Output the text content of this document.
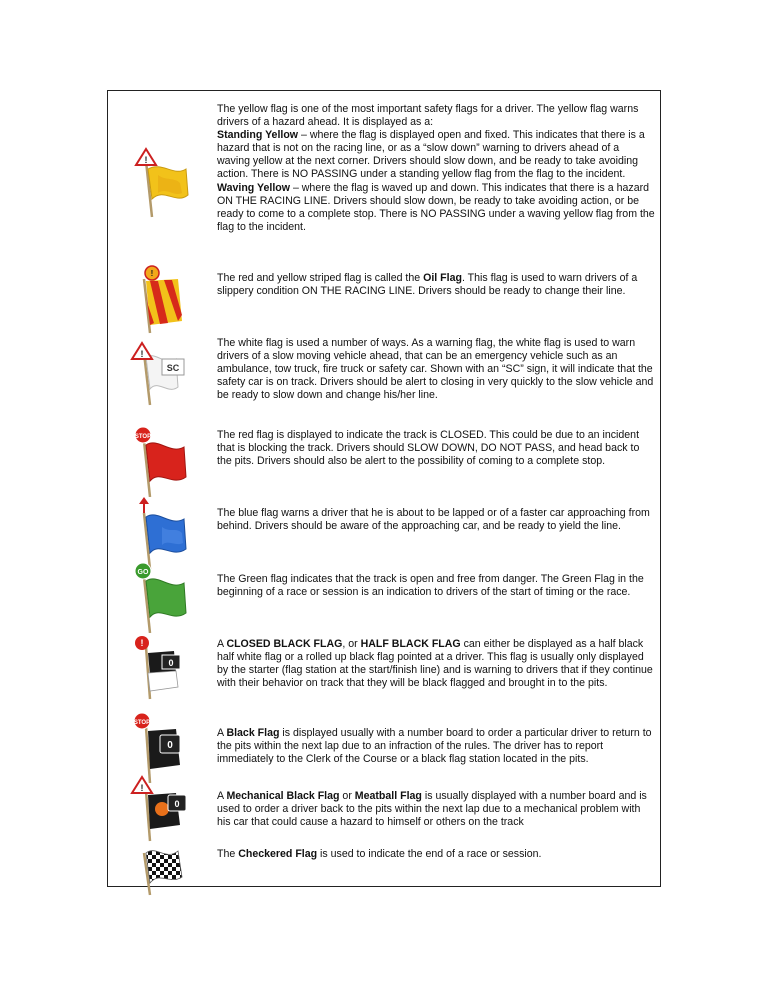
!

The yellow flag is one of the most important safety flags for a driver. The yellow flag warns drivers of a hazard ahead. It is displayed as a:

Standing Yellow – where the flag is displayed open and fixed. This indicates that there is a hazard that is not on the racing line, or as a “slow down” warning to drivers ahead of a waving yellow at the next corner. Drivers should slow down, and be ready to take avoiding action. There is NO PASSING under a standing yellow flag from the flag to the incident.

Waving Yellow – where the flag is waved up and down. This indicates that there is a hazard ON THE RACING LINE. Drivers should slow down, be ready to take avoiding action, or be ready to come to a complete stop. There is NO PASSING under a waving yellow flag from the flag to the incident.

!	The red and yellow striped flag is called the Oil Flag. This flag is used to warn drivers of a slippery condition ON THE RACING LINE. Drivers should be ready to change their line.

!
SC

The white flag is used a number of ways. As a warning flag, the white flag is used to warn drivers of a slow moving vehicle ahead, that can be an emergency vehicle such as an ambulance, tow truck, fire truck or safety car. Shown with an “SC” sign, it will indicate that the safety car is on track. Drivers should be alert to closing in very quickly to the slow vehicle and be ready to slow down and change his/her line.

STOP	The red flag is displayed to indicate the track is CLOSED. This could be due to an incident that is blocking the track. Drivers should SLOW DOWN, DO NOT PASS, and head back to the pits. Drivers should also be alert to the possibility of coming to a complete stop.

The blue flag warns a driver that he is about to be lapped or of a faster car approaching from behind. Drivers should be aware of the approaching car, and be ready to yield the line.

GO

The Green flag indicates that the track is open and free from danger. The Green Flag in the beginning of a race or session is an indication to drivers of the start of timing or the race.

!
0

A CLOSED BLACK FLAG, or HALF BLACK FLAG can either be displayed as a half black half white flag or a rolled up black flag pointed at a driver. This flag is usually only displayed by the starter (flag station at the start/finish line) and is warning to drivers that if they continue with their behavior on track that they will be black flagged and brought in to the pits.

STOP
0

A Black Flag is displayed usually with a number board to order a particular driver to return to the pits within the next lap due to an infraction of the rules. The driver has to report immediately to the Clerk of the Course or a black flag station located in the pits.

!
0

A Mechanical Black Flag or Meatball Flag is usually displayed with a number board and is used to order a driver back to the pits within the next lap due to a mechanical problem with his car that could cause a hazard to himself or others on the track

The Checkered Flag is used to indicate the end of a race or session.
